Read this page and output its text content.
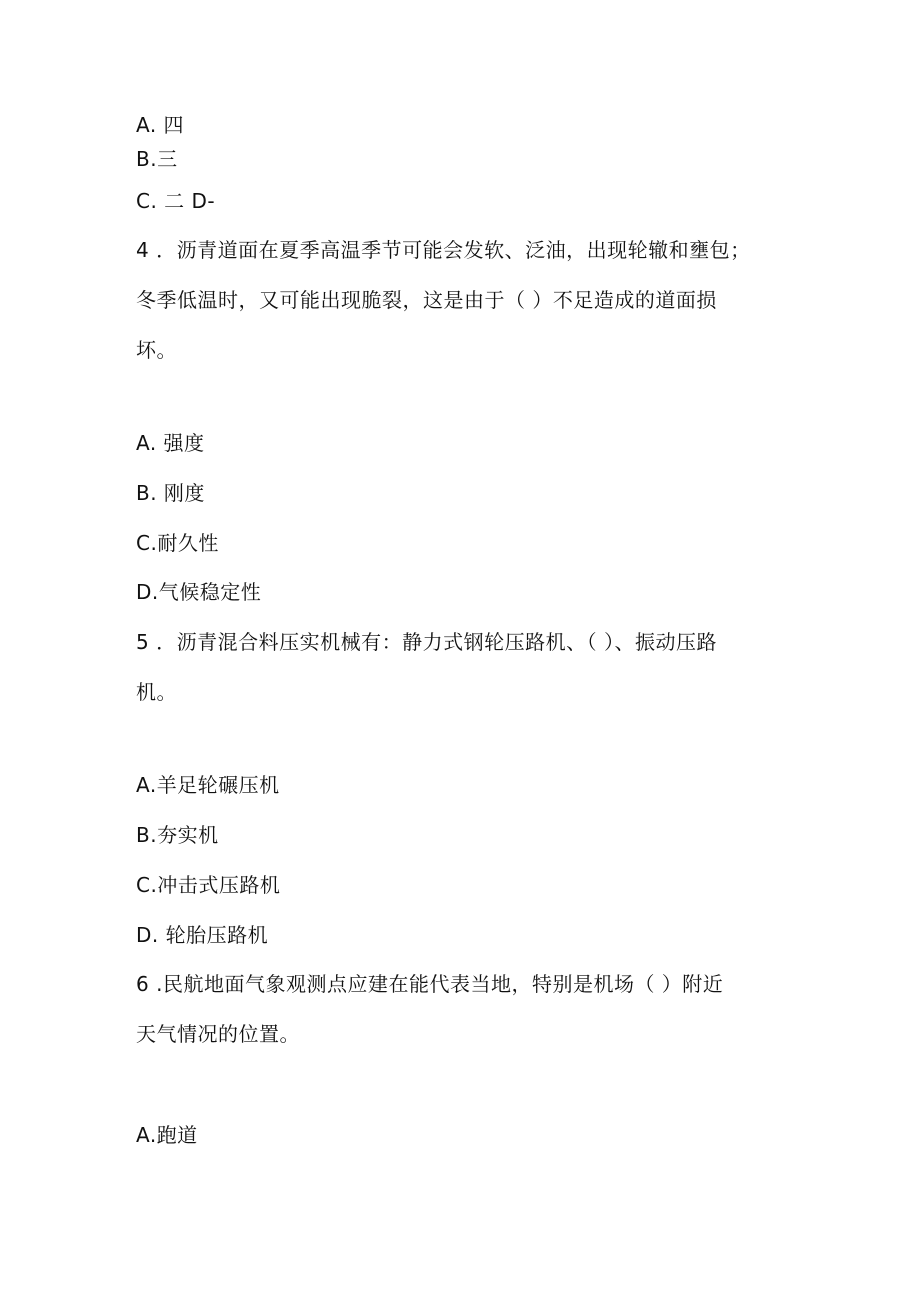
A. 四
B.三
C. 二 D-
4 ．沥青道面在夏季高温季节可能会发软、泛油，出现轮辙和壅包；
冬季低温时，又可能出现脆裂，这是由于（ ）不足造成的道面损
坏。
A. 强度
B. 刚度
C.耐久性
D.气候稳定性
5 ．沥青混合料压实机械有：静力式钢轮压路机、（ ）、振动压路
机。
A.羊足轮碾压机
B.夯实机
C.冲击式压路机
D. 轮胎压路机
6 .民航地面气象观测点应建在能代表当地，特别是机场（ ）附近
天气情况的位置。
A.跑道
